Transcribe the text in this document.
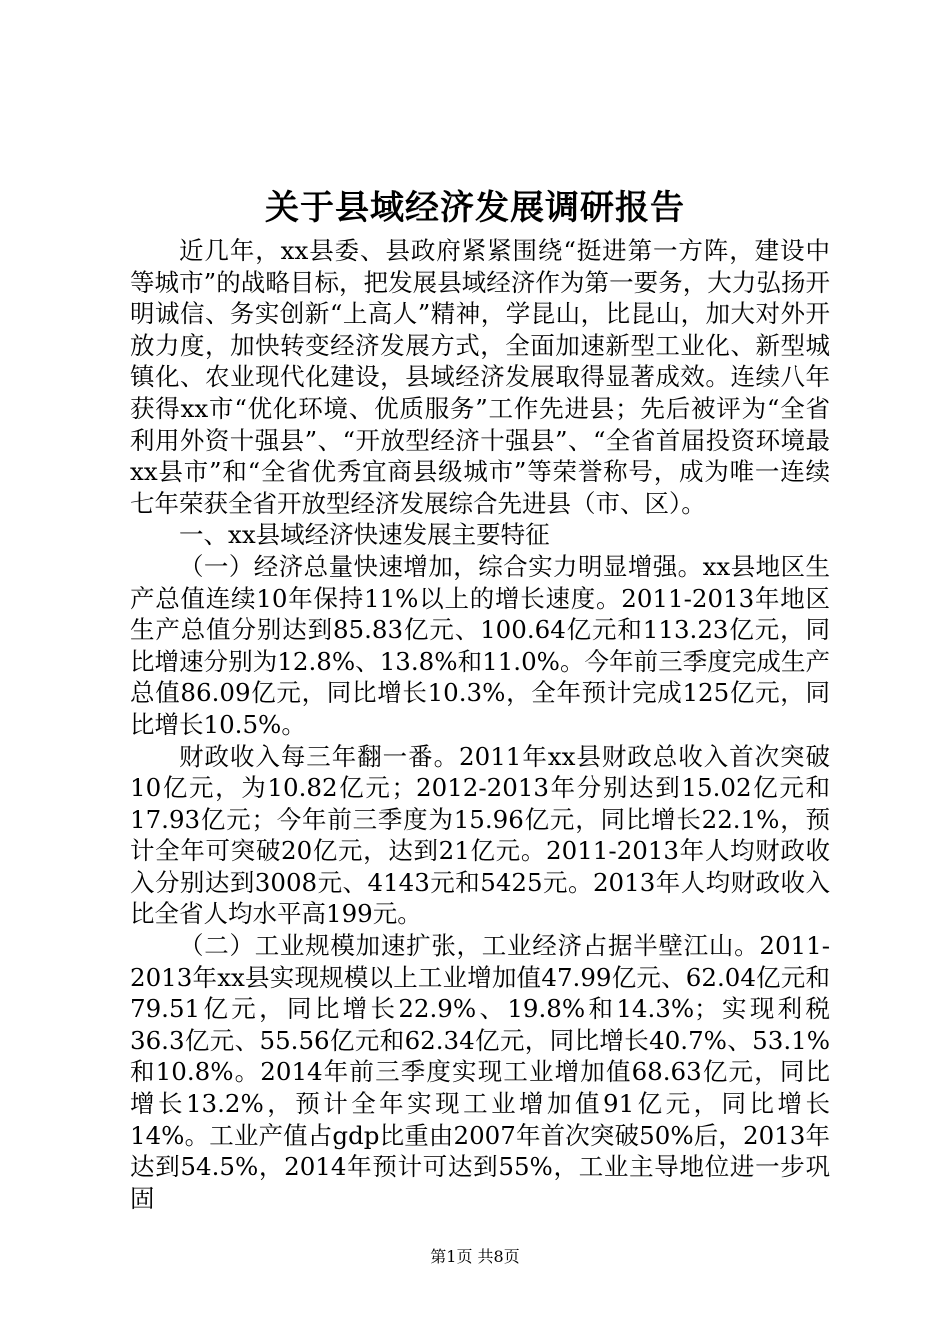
关于县域经济发展调研报告

近几年，xx县委、县政府紧紧围绕“挺进第一方阵，建设中等城市”的战略目标，把发展县域经济作为第一要务，大力弘扬开明诚信、务实创新“上高人”精神，学昆山，比昆山，加大对外开放力度，加快转变经济发展方式，全面加速新型工业化、新型城镇化、农业现代化建设，县域经济发展取得显著成效。连续八年获得xx市“优化环境、优质服务”工作先进县；先后被评为“全省利用外资十强县”、“开放型经济十强县”、“全省首届投资环境最xx县市”和“全省优秀宜商县级城市”等荣誉称号，成为唯一连续七年荣获全省开放型经济发展综合先进县（市、区）。

一、xx县域经济快速发展主要特征

（一）经济总量快速增加，综合实力明显增强。xx县地区生产总值连续10年保持11%以上的增长速度。2011-2013年地区生产总值分别达到85.83亿元、100.64亿元和113.23亿元，同比增速分别为12.8%、13.8%和11.0%。今年前三季度完成生产总值86.09亿元，同比增长10.3%，全年预计完成125亿元，同比增长10.5%。

财政收入每三年翻一番。2011年xx县财政总收入首次突破10亿元，为10.82亿元；2012-2013年分别达到15.02亿元和17.93亿元；今年前三季度为15.96亿元，同比增长22.1%，预计全年可突破20亿元，达到21亿元。2011-2013年人均财政收入分别达到3008元、4143元和5425元。2013年人均财政收入比全省人均水平高199元。

（二）工业规模加速扩张，工业经济占据半壁江山。2011-2013年xx县实现规模以上工业增加值47.99亿元、62.04亿元和79.51亿元，同比增长22.9%、19.8%和14.3%；实现利税36.3亿元、55.56亿元和62.34亿元，同比增长40.7%、53.1%和10.8%。2014年前三季度实现工业增加值68.63亿元，同比增长13.2%，预计全年实现工业增加值91亿元，同比增长14%。工业产值占gdp比重由2007年首次突破50%后，2013年达到54.5%，2014年预计可达到55%，工业主导地位进一步巩固

第1页 共8页
